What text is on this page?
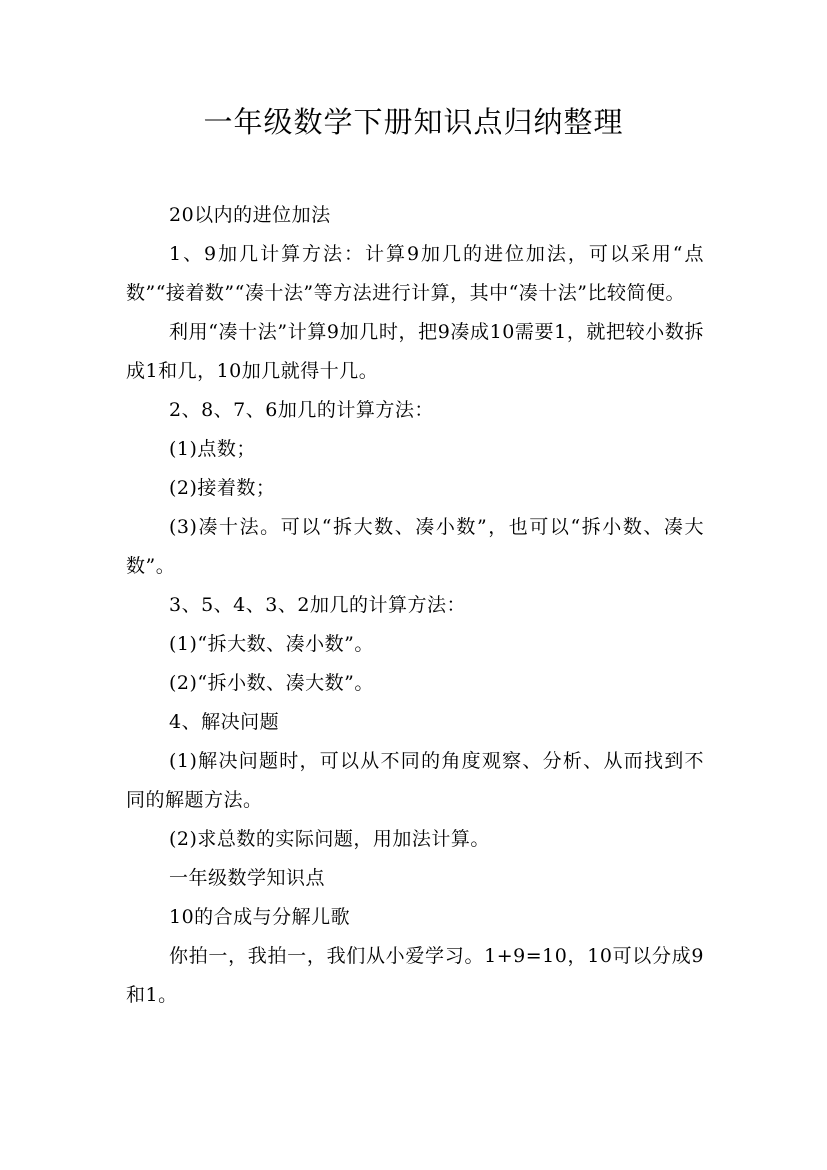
一年级数学下册知识点归纳整理

20以内的进位加法

1、9加几计算方法：计算9加几的进位加法，可以采用“点数”“接着数”“凑十法”等方法进行计算，其中“凑十法”比较简便。

利用“凑十法”计算9加几时，把9凑成10需要1，就把较小数拆成1和几，10加几就得十几。

2、8、7、6加几的计算方法：

(1)点数；

(2)接着数；

(3)凑十法。可以“拆大数、凑小数”，也可以“拆小数、凑大数”。

3、5、4、3、2加几的计算方法：

(1)“拆大数、凑小数”。

(2)“拆小数、凑大数”。

4、解决问题

(1)解决问题时，可以从不同的角度观察、分析、从而找到不同的解题方法。

(2)求总数的实际问题，用加法计算。

一年级数学知识点

10的合成与分解儿歌

你拍一，我拍一，我们从小爱学习。1+9=10，10可以分成9和1。
